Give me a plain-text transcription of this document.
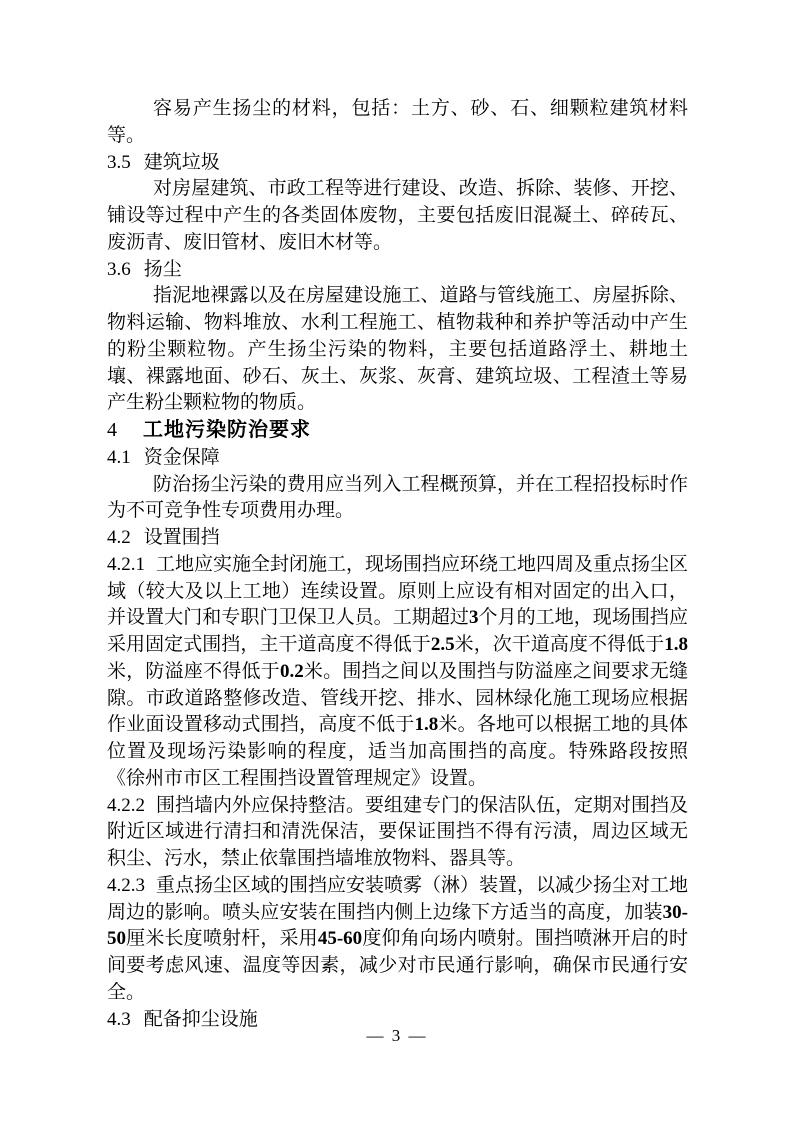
容易产生扬尘的材料，包括：土方、砂、石、细颗粒建筑材料等。

3.5 建筑垃圾

对房屋建筑、市政工程等进行建设、改造、拆除、装修、开挖、铺设等过程中产生的各类固体废物，主要包括废旧混凝土、碎砖瓦、废沥青、废旧管材、废旧木材等。

3.6 扬尘

指泥地裸露以及在房屋建设施工、道路与管线施工、房屋拆除、物料运输、物料堆放、水利工程施工、植物栽种和养护等活动中产生的粉尘颗粒物。产生扬尘污染的物料，主要包括道路浮土、耕地土壤、裸露地面、砂石、灰土、灰浆、灰膏、建筑垃圾、工程渣土等易产生粉尘颗粒物的物质。

4 工地污染防治要求

4.1 资金保障

防治扬尘污染的费用应当列入工程概预算，并在工程招投标时作为不可竞争性专项费用办理。

4.2 设置围挡

4.2.1 工地应实施全封闭施工，现场围挡应环绕工地四周及重点扬尘区域（较大及以上工地）连续设置。原则上应设有相对固定的出入口，并设置大门和专职门卫保卫人员。工期超过3个月的工地，现场围挡应采用固定式围挡，主干道高度不得低于2.5米，次干道高度不得低于1.8米，防溢座不得低于0.2米。围挡之间以及围挡与防溢座之间要求无缝隙。市政道路整修改造、管线开挖、排水、园林绿化施工现场应根据作业面设置移动式围挡，高度不低于1.8米。各地可以根据工地的具体位置及现场污染影响的程度，适当加高围挡的高度。特殊路段按照《徐州市市区工程围挡设置管理规定》设置。

4.2.2 围挡墙内外应保持整洁。要组建专门的保洁队伍，定期对围挡及附近区域进行清扫和清洗保洁，要保证围挡不得有污渍，周边区域无积尘、污水，禁止依靠围挡墙堆放物料、器具等。

4.2.3 重点扬尘区域的围挡应安装喷雾（淋）装置，以减少扬尘对工地周边的影响。喷头应安装在围挡内侧上边缘下方适当的高度，加装30-50厘米长度喷射杆，采用45-60度仰角向场内喷射。围挡喷淋开启的时间要考虑风速、温度等因素，减少对市民通行影响，确保市民通行安全。

4.3 配备抑尘设施

— 3 —
